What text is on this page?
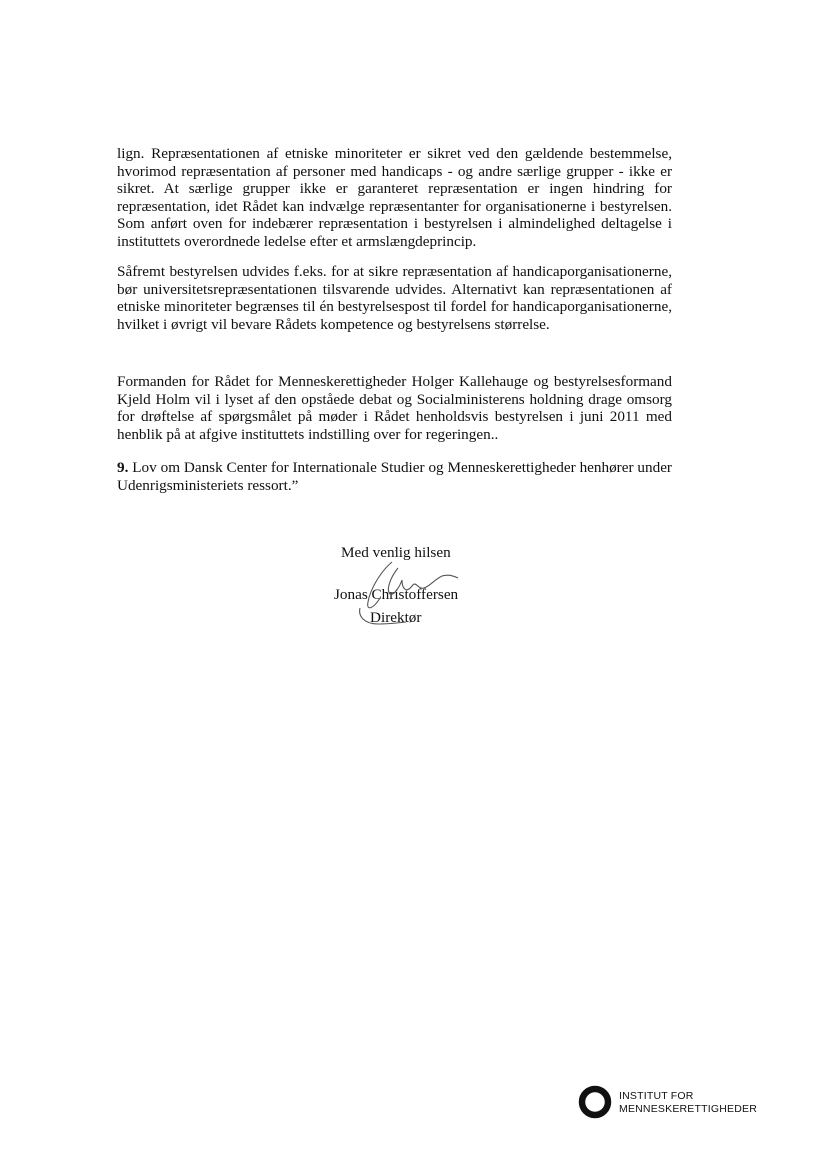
lign. Repræsentationen af etniske minoriteter er sikret ved den gældende bestemmelse, hvorimod repræsentation af personer med handicaps - og andre særlige grupper - ikke er sikret. At særlige grupper ikke er garanteret repræsentation er ingen hindring for repræsentation, idet Rådet kan indvælge repræsentanter for organisationerne i bestyrelsen. Som anført oven for indebærer repræsentation i bestyrelsen i almindelighed deltagelse i instituttets overordnede ledelse efter et armslængdeprincip.

Såfremt bestyrelsen udvides f.eks. for at sikre repræsentation af handicaporganisationerne, bør universitetsrepræsentationen tilsvarende udvides. Alternativt kan repræsentationen af etniske minoriteter begrænses til én bestyrelsespost til fordel for handicaporganisationerne, hvilket i øvrigt vil bevare Rådets kompetence og bestyrelsens størrelse.

Formanden for Rådet for Menneskerettigheder Holger Kallehauge og bestyrelsesformand Kjeld Holm vil i lyset af den opståede debat og Socialministerens holdning drage omsorg for drøftelse af spørgsmålet på møder i Rådet henholdsvis bestyrelsen i juni 2011 med henblik på at afgive instituttets indstilling over for regeringen..

9. Lov om Dansk Center for Internationale Studier og Menneskerettigheder henhører under Udenrigsministeriets ressort.”

Med venlig hilsen
Jonas Christoffersen
Direktør
INSTITUT FOR
MENNESKERETTIGHEDER
